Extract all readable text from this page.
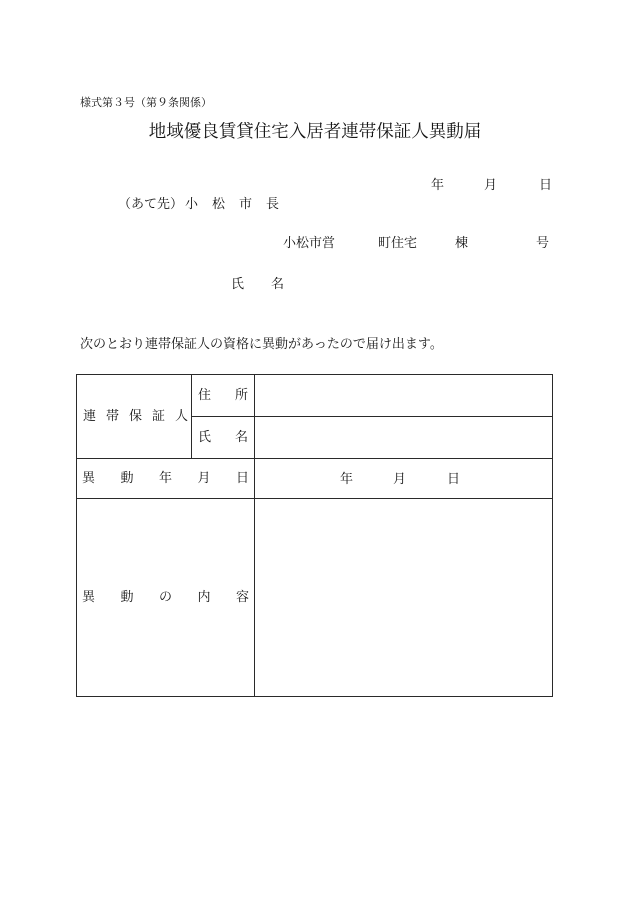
様式第３号（第９条関係）
地域優良賃貸住宅入居者連帯保証人異動届
年	月	日
（あて先） 小松市長
小松市営	町住宅	棟	号
氏名
次のとおり連帯保証人の資格に異動があったので届け出ます。
連帯保証人	住所	
	氏名	
異動年月日		年 月 日

異動の内容		
